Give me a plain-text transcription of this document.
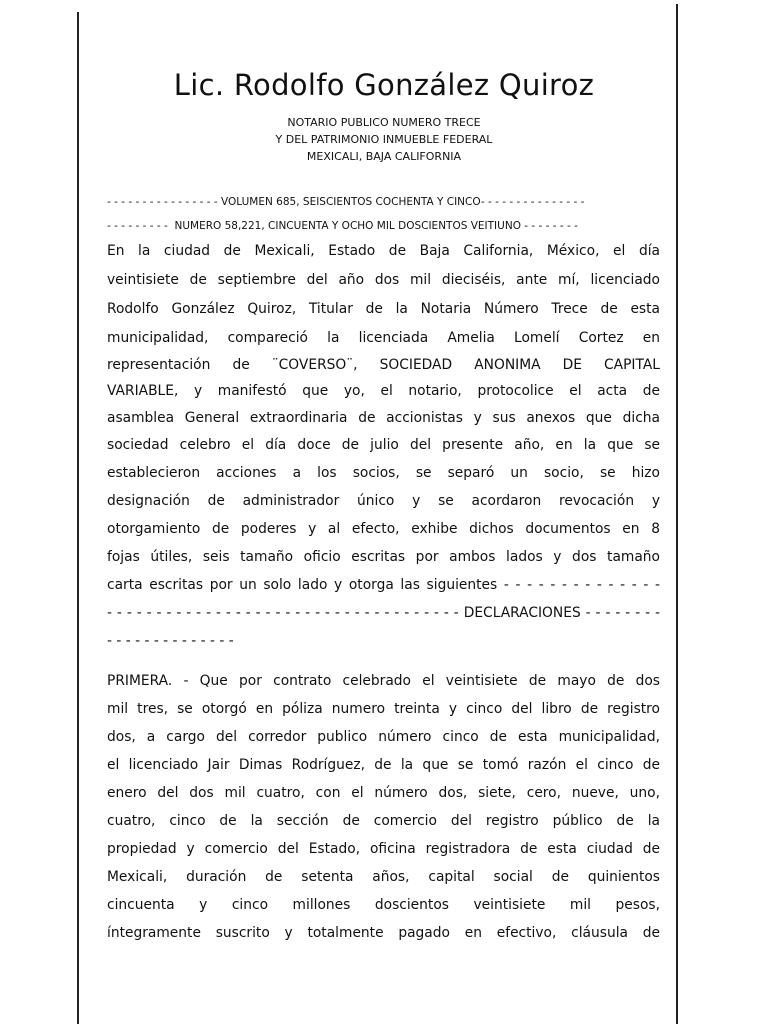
Lic. Rodolfo González Quiroz
NOTARIO PUBLICO NUMERO TRECE
Y DEL PATRIMONIO INMUEBLE FEDERAL
MEXICALI, BAJA CALIFORNIA
- - - - - - - - - - - - - - - - VOLUMEN 685, SEISCIENTOS COCHENTA Y CINCO- - - - - - - - - - - - - - -
- - - - - - - - -  NUMERO 58,221, CINCUENTA Y OCHO MIL DOSCIENTOS VEITIUNO - - - - - - - -
En la ciudad de Mexicali, Estado de Baja California, México, el día
veintisiete de septiembre del año dos mil dieciséis, ante mí, licenciado
Rodolfo González Quiroz, Titular de la Notaria Número Trece de esta
municipalidad, compareció la licenciada Amelia Lomelí Cortez en
representación de ¨COVERSO¨, SOCIEDAD ANONIMA DE CAPITAL
VARIABLE, y manifestó que yo, el notario, protocolice el acta de
asamblea General extraordinaria de accionistas y sus anexos que dicha
sociedad celebro el día doce de julio del presente año, en la que se
establecieron acciones a los socios, se separó un socio, se hizo
designación de administrador único y se acordaron revocación y
otorgamiento de poderes y al efecto, exhibe dichos documentos en 8
fojas útiles, seis tamaño oficio escritas por ambos lados y dos tamaño
carta escritas por un solo lado y otorga las siguientes - - - - - - - - - - - - - -
- - - - - - - - - - - - - - - - - - - - - - - - - - - - - - - - - - - - DECLARACIONES - - - - - - - -
- - - - - - - - - - - - - -
PRIMERA. - Que por contrato celebrado el veintisiete de mayo de dos
mil tres, se otorgó en póliza numero treinta y cinco del libro de registro
dos, a cargo del corredor publico número cinco de esta municipalidad,
el licenciado Jair Dimas Rodríguez, de la que se tomó razón el cinco de
enero del dos mil cuatro, con el número dos, siete, cero, nueve, uno,
cuatro, cinco de la sección de comercio del registro público de la
propiedad y comercio del Estado, oficina registradora de esta ciudad de
Mexicali, duración de setenta años, capital social de quinientos
cincuenta y cinco millones doscientos veintisiete mil pesos,
íntegramente suscrito y totalmente pagado en efectivo, cláusula de
